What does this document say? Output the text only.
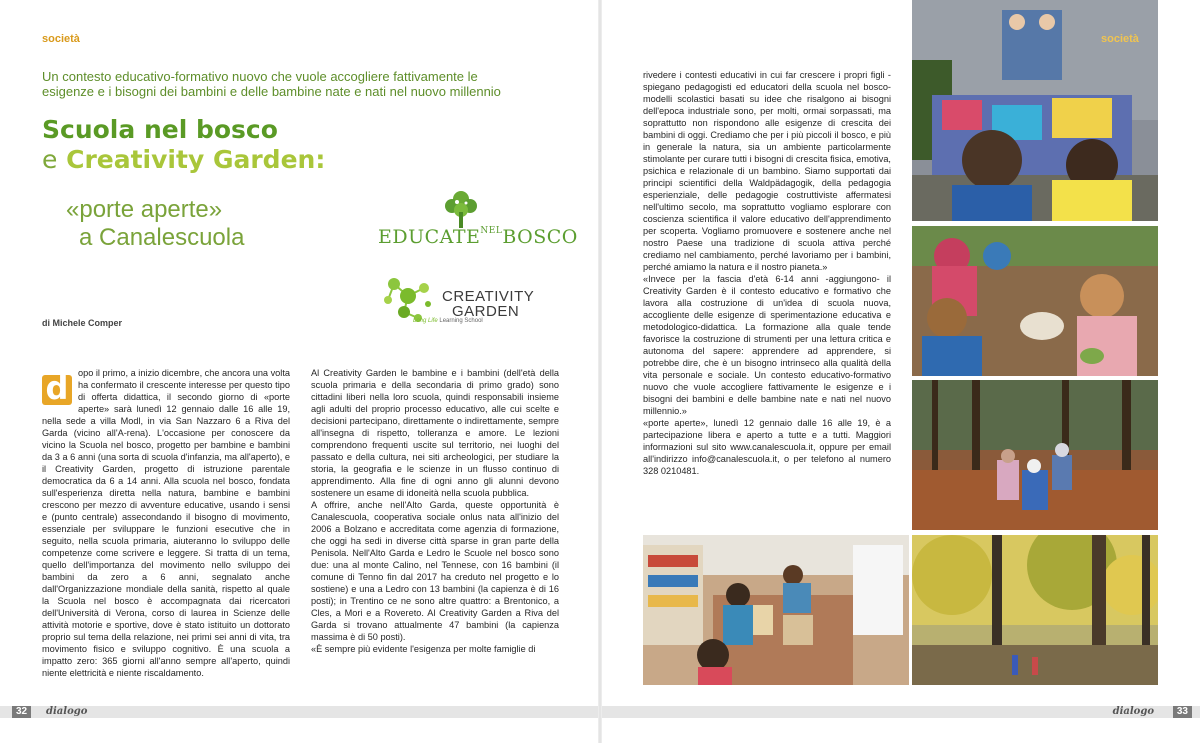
società
Un contesto educativo-formativo nuovo che vuole accogliere fattivamente le esigenze e i bisogni dei bambini e delle bambine nate e nati nel nuovo millennio
Scuola nel bosco
e Creativity Garden:
«porte aperte»
a Canalescuola	$EDUCATE^{NEL}BOSCO$
CREATIVITY
GARDEN
Long Life Learning School
di Michele Comper
d	opo il primo, a inizio dicembre, che ancora una volta ha confermato il crescente interesse per questo tipo di offerta didattica, il secondo giorno di «porte aperte» sarà lunedì 12 gennaio dalle 16 alle 19, nella sede a villa Modl, in via San Nazzaro 6 a Riva del Garda (vicino all'A-rena). L'occasione per conoscere da vicino la Scuola nel bosco, progetto per bambine e bambini da 3 a 6 anni (una sorta di scuola d'infanzia, ma all'aperto), e il Creativity Garden, progetto di istruzione parentale democratica da 6 a 14 anni. Alla scuola nel bosco, fondata sull'esperienza diretta nella natura, bambine e bambini crescono per mezzo di avventure educative, usando i sensi e (punto centrale) assecondando il bisogno di movimento, essenziale per sviluppare le funzioni esecutive che in seguito, nella scuola primaria, aiuteranno lo sviluppo delle competenze come scrivere e leggere. Si tratta di un tema, quello dell'importanza del movimento nello sviluppo dei bambini da zero a 6 anni, segnalato anche dall'Organizzazione mondiale della sanità, rispetto al quale la Scuola nel bosco è accompagnata dai ricercatori dell'Università di Verona, corso di laurea in Scienze delle attività motorie e sportive, dove è stato istituito un dottorato proprio sul tema della relazione, nei primi sei anni di vita, tra movimento fisico e sviluppo cognitivo. È una scuola a impatto zero: 365 giorni all'anno sempre all'aperto, quindi niente elettricità e niente riscaldamento.

Al Creativity Garden le bambine e i bambini (dell'età della scuola primaria e della secondaria di primo grado) sono cittadini liberi nella loro scuola, quindi responsabili insieme agli adulti del proprio processo educativo, alle cui scelte e decisioni partecipano, direttamente o indirettamente, sempre all'insegna di rispetto, tolleranza e amore. Le lezioni comprendono frequenti uscite sul territorio, nei luoghi del passato e della cultura, nei siti archeologici, per studiare la storia, la geografia e le scienze in un flusso continuo di apprendimento. Alla fine di ogni anno gli alunni devono sostenere un esame di idoneità nella scuola pubblica.

A offrire, anche nell'Alto Garda, queste opportunità è Canalescuola, cooperativa sociale onlus nata all'inizio del 2006 a Bolzano e accreditata come agenzia di formazione, che oggi ha sedi in diverse città sparse in gran parte della Penisola. Nell'Alto Garda e Ledro le Scuole nel bosco sono due: una al monte Calino, nel Tennese, con 16 bambini (il comune di Tenno fin dal 2017 ha creduto nel progetto e lo sostiene) e una a Ledro con 13 bambini (la capienza è di 16 posti); in Trentino ce ne sono altre quattro: a Brentonico, a Cles, a Mori e a Rovereto. Al Creativity Garden a Riva del Garda si trovano attualmente 47 bambini (la capienza massima è di 50 posti).

«È sempre più evidente l'esigenza per molte famiglie di

32	dialogo

rivedere i contesti educativi in cui far crescere i propri figli -spiegano pedagogisti ed educatori della scuola nel bosco- modelli scolastici basati su idee che risalgono ai bisogni dell'epoca industriale sono, per molti, ormai sorpassati, ma soprattutto non rispondono alle esigenze di crescita dei bambini di oggi. Crediamo che per i più piccoli il bosco, e più in generale la natura, sia un ambiente particolarmente stimolante per curare tutti i bisogni di crescita fisica, emotiva, psichica e relazionale di un bambino. Siamo supportati dai principi scientifici della Waldpädagogik, della pedagogia esperienziale, delle pedagogie costruttiviste affermatesi nell'ultimo secolo, ma soprattutto vogliamo esplorare con coscienza scientifica il valore educativo dell'apprendimento per scoperta. Vogliamo promuovere e sostenere anche nel nostro Paese una tradizione di scuola attiva perché crediamo nel cambiamento, perché lavoriamo per i bambini, perché amiamo la natura e il nostro pianeta.»

«Invece per la fascia d'età 6-14 anni -aggiungono- il Creativity Garden è il contesto educativo e formativo che lavora alla costruzione di un'idea di scuola nuova, accogliente delle esigenze di sperimentazione educativa e metodologico-didattica. La formazione alla quale tende favorisce la costruzione di strumenti per una lettura critica e autonoma del sapere: apprendere ad apprendere, si potrebbe dire, che è un bisogno intrinseco alla qualità della vita personale e sociale. Un contesto educativo-formativo nuovo che vuole accogliere fattivamente le esigenze e i bisogni dei bambini e delle bambine nate e nati nel nuovo millennio.»

«porte aperte», lunedì 12 gennaio dalle 16 alle 19, è a partecipazione libera e aperto a tutte e a tutti. Maggiori informazioni sul sito www.canalescuola.it, oppure per email all'indirizzo info@canalescuola.it, o per telefono al numero 328 0210481.

società
dialogo	33
